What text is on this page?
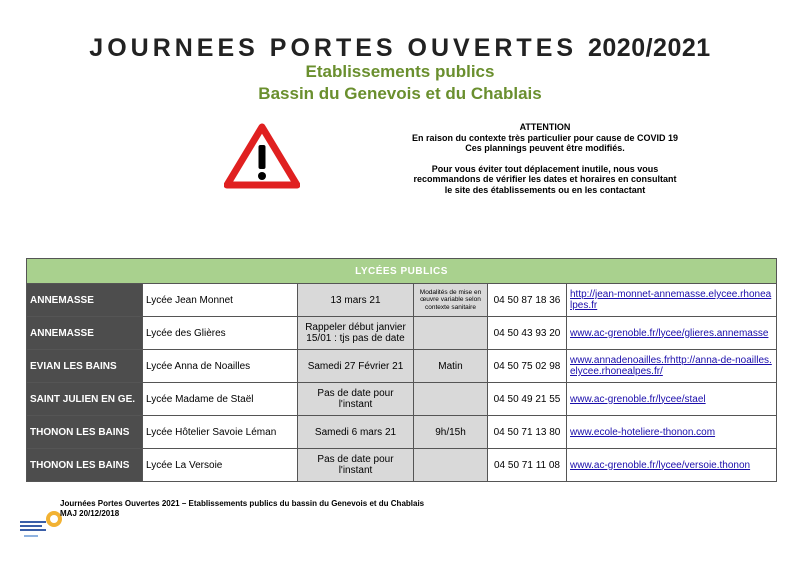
JOURNEES PORTES OUVERTES 2020/2021
Etablissements publics
Bassin du Genevois et du Chablais

ATTENTION

En raison du contexte très particulier pour cause de COVID 19

Ces plannings peuvent être modifiés.

Pour vous éviter tout déplacement inutile, nous vous

recommandons de vérifier les dates et horaires en consultant

le site des établissements ou en les contactant

LYCÉES PUBLICS					
ANNEMASSE	Lycée Jean Monnet	13 mars 21	Modalités de mise en œuvre variable selon contexte sanitaire	04 50 87 18 36	http://jean-monnet-annemasse.elycee.rhonealpes.fr
ANNEMASSE	Lycée des Glières	Rappeler début janvier 15/01 : tjs pas de date		04 50 43 93 20	www.ac-grenoble.fr/lycee/glieres.annemasse
EVIAN LES BAINS	Lycée Anna de Noailles	Samedi 27 Février 21	Matin	04 50 75 02 98	www.annadenoailles.frhttp://anna-de-noailles.elycee.rhonealpes.fr/
SAINT JULIEN EN GE.	Lycée Madame de Staël	Pas de date pour l'instant		04 50 49 21 55	www.ac-grenoble.fr/lycee/stael
THONON LES BAINS	Lycée Hôtelier Savoie Léman	Samedi 6 mars 21	9h/15h	04 50 71 13 80	www.ecole-hoteliere-thonon.com
THONON LES BAINS	Lycée La Versoie	Pas de date pour l'instant		04 50 71 11 08	www.ac-grenoble.fr/lycee/versoie.thonon

Journées Portes Ouvertes 2021 – Etablissements publics du bassin du Genevois et du Chablais

MAJ 20/12/2018
